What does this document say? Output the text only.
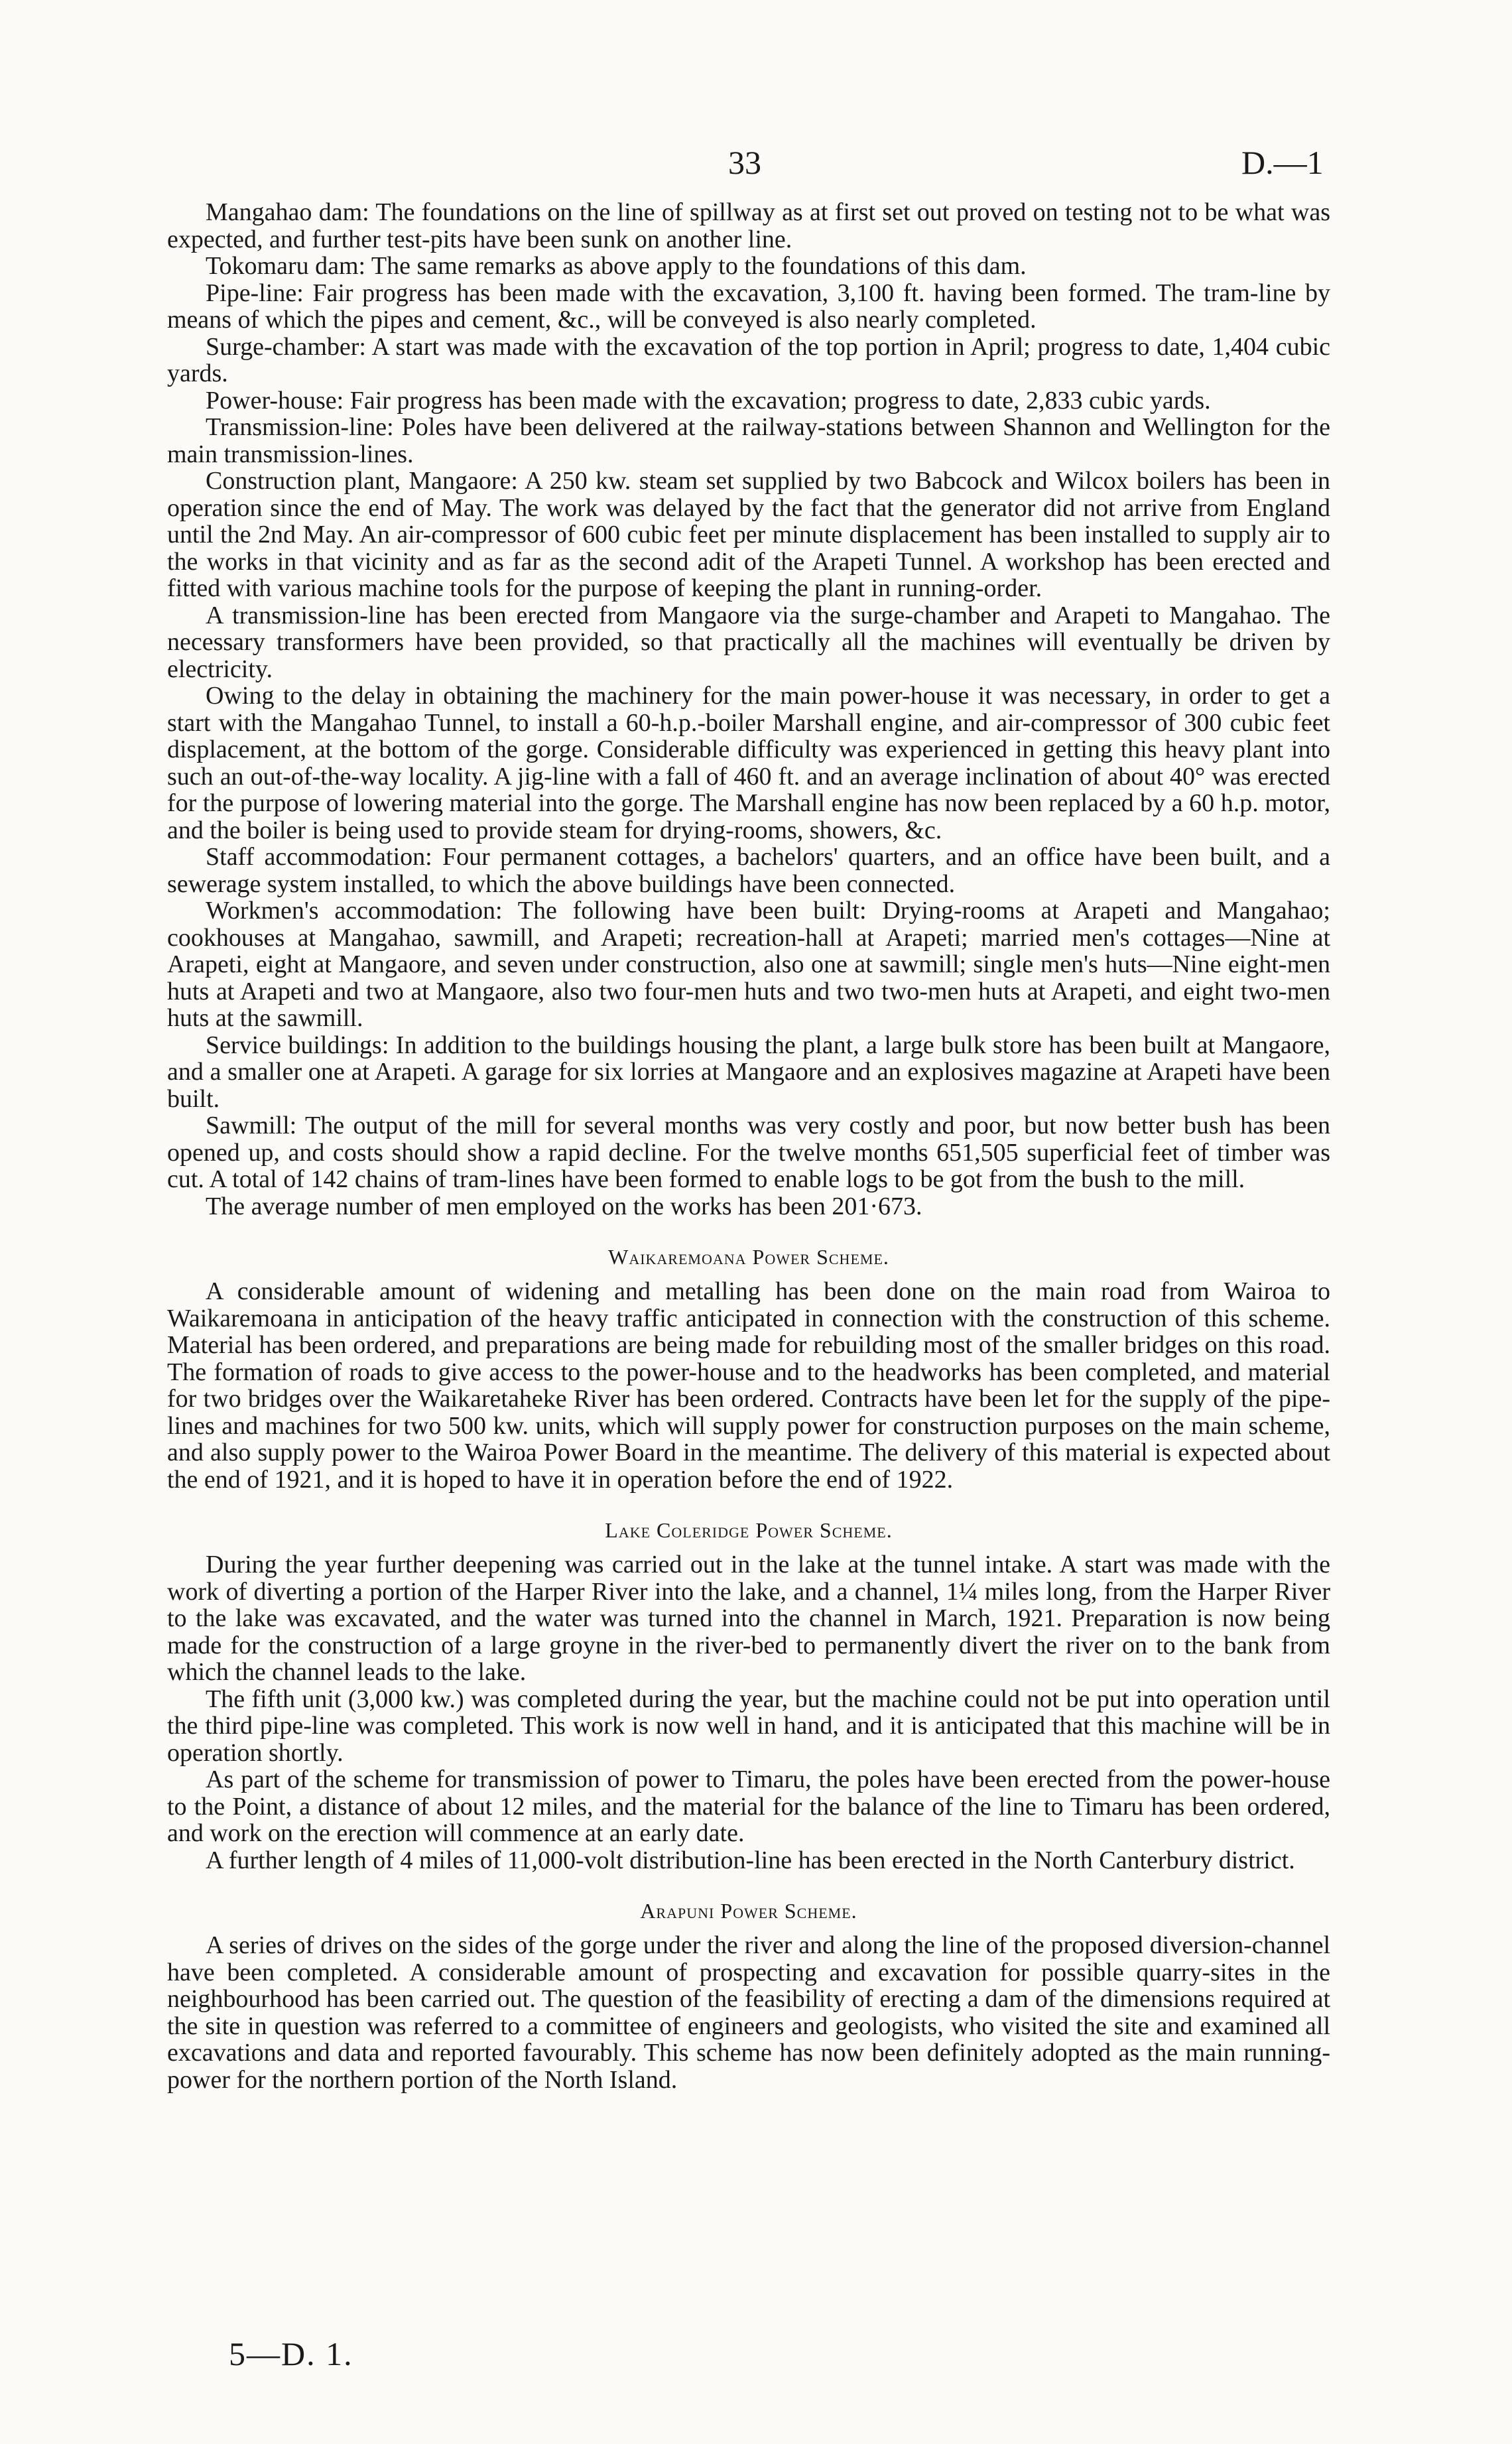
33	D.—1

Mangahao dam: The foundations on the line of spillway as at first set out proved on testing not to be what was expected, and further test-pits have been sunk on another line.

Tokomaru dam: The same remarks as above apply to the foundations of this dam.

Pipe-line: Fair progress has been made with the excavation, 3,100 ft. having been formed. The tram-line by means of which the pipes and cement, &c., will be conveyed is also nearly completed.

Surge-chamber: A start was made with the excavation of the top portion in April; progress to date, 1,404 cubic yards.

Power-house: Fair progress has been made with the excavation; progress to date, 2,833 cubic yards.

Transmission-line: Poles have been delivered at the railway-stations between Shannon and Wellington for the main transmission-lines.

Construction plant, Mangaore: A 250 kw. steam set supplied by two Babcock and Wilcox boilers has been in operation since the end of May. The work was delayed by the fact that the generator did not arrive from England until the 2nd May. An air-compressor of 600 cubic feet per minute displacement has been installed to supply air to the works in that vicinity and as far as the second adit of the Arapeti Tunnel. A workshop has been erected and fitted with various machine tools for the purpose of keeping the plant in running-order.

A transmission-line has been erected from Mangaore via the surge-chamber and Arapeti to Mangahao. The necessary transformers have been provided, so that practically all the machines will eventually be driven by electricity.

Owing to the delay in obtaining the machinery for the main power-house it was necessary, in order to get a start with the Mangahao Tunnel, to install a 60-h.p.-boiler Marshall engine, and air-compressor of 300 cubic feet displacement, at the bottom of the gorge. Considerable difficulty was experienced in getting this heavy plant into such an out-of-the-way locality. A jig-line with a fall of 460 ft. and an average inclination of about 40° was erected for the purpose of lowering material into the gorge. The Marshall engine has now been replaced by a 60 h.p. motor, and the boiler is being used to provide steam for drying-rooms, showers, &c.

Staff accommodation: Four permanent cottages, a bachelors' quarters, and an office have been built, and a sewerage system installed, to which the above buildings have been connected.

Workmen's accommodation: The following have been built: Drying-rooms at Arapeti and Mangahao; cookhouses at Mangahao, sawmill, and Arapeti; recreation-hall at Arapeti; married men's cottages—Nine at Arapeti, eight at Mangaore, and seven under construction, also one at sawmill; single men's huts—Nine eight-men huts at Arapeti and two at Mangaore, also two four-men huts and two two-men huts at Arapeti, and eight two-men huts at the sawmill.

Service buildings: In addition to the buildings housing the plant, a large bulk store has been built at Mangaore, and a smaller one at Arapeti. A garage for six lorries at Mangaore and an explosives magazine at Arapeti have been built.

Sawmill: The output of the mill for several months was very costly and poor, but now better bush has been opened up, and costs should show a rapid decline. For the twelve months 651,505 superficial feet of timber was cut. A total of 142 chains of tram-lines have been formed to enable logs to be got from the bush to the mill.

The average number of men employed on the works has been 201·673.

Waikaremoana Power Scheme.

A considerable amount of widening and metalling has been done on the main road from Wairoa to Waikaremoana in anticipation of the heavy traffic anticipated in connection with the construction of this scheme. Material has been ordered, and preparations are being made for rebuilding most of the smaller bridges on this road. The formation of roads to give access to the power-house and to the headworks has been completed, and material for two bridges over the Waikaretaheke River has been ordered. Contracts have been let for the supply of the pipe-lines and machines for two 500 kw. units, which will supply power for construction purposes on the main scheme, and also supply power to the Wairoa Power Board in the meantime. The delivery of this material is expected about the end of 1921, and it is hoped to have it in operation before the end of 1922.

Lake Coleridge Power Scheme.

During the year further deepening was carried out in the lake at the tunnel intake. A start was made with the work of diverting a portion of the Harper River into the lake, and a channel, 1¼ miles long, from the Harper River to the lake was excavated, and the water was turned into the channel in March, 1921. Preparation is now being made for the construction of a large groyne in the river-bed to permanently divert the river on to the bank from which the channel leads to the lake.

The fifth unit (3,000 kw.) was completed during the year, but the machine could not be put into operation until the third pipe-line was completed. This work is now well in hand, and it is anticipated that this machine will be in operation shortly.

As part of the scheme for transmission of power to Timaru, the poles have been erected from the power-house to the Point, a distance of about 12 miles, and the material for the balance of the line to Timaru has been ordered, and work on the erection will commence at an early date.

A further length of 4 miles of 11,000-volt distribution-line has been erected in the North Canterbury district.

Arapuni Power Scheme.

A series of drives on the sides of the gorge under the river and along the line of the proposed diversion-channel have been completed. A considerable amount of prospecting and excavation for possible quarry-sites in the neighbourhood has been carried out. The question of the feasibility of erecting a dam of the dimensions required at the site in question was referred to a committee of engineers and geologists, who visited the site and examined all excavations and data and reported favourably. This scheme has now been definitely adopted as the main running-power for the northern portion of the North Island.

5—D. 1.
